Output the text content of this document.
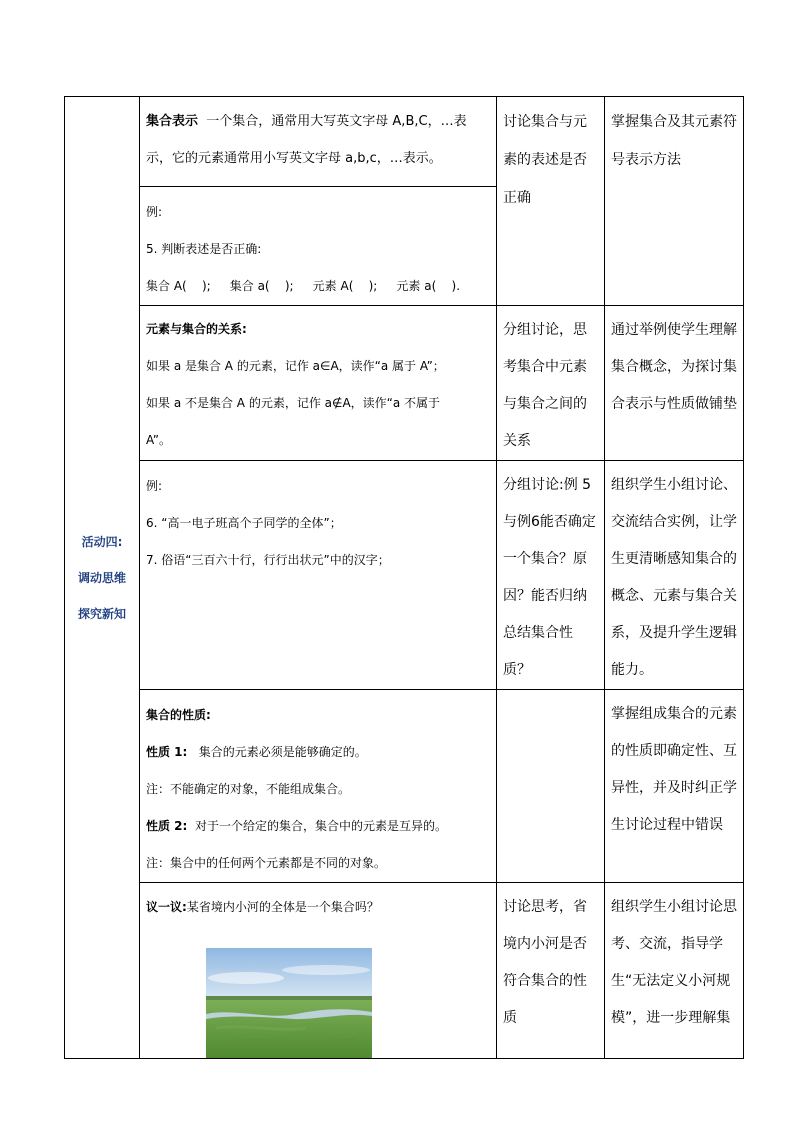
活动四:
调动思维
探究新知	集合表示 一个集合，通常用大写英文字母 A,B,C，…表
示，它的元素通常用小写英文字母 a,b,c，…表示。	讨论集合与元素的表述是否正确	掌握集合及其元素符号表示方法

	例:
5. 判断表述是否正确:
集合 A(    );     集合 a(    );     元素 A(    );     元素 a(    ).		

	元素与集合的关系:
如果 a 是集合 A 的元素，记作 a∈A，读作“a 属于 A”；
如果 a 不是集合 A 的元素，记作 a∉A，读作“a 不属于
A”。	分组讨论，思考集合中元素与集合之间的关系	通过举例使学生理解集合概念，为探讨集合表示与性质做铺垫

	例:
6. “高一电子班高个子同学的全体”；
7. 俗语“三百六十行，行行出状元”中的汉字；	分组讨论:例 5 与例6能否确定一个集合？原因？能否归纳总结集合性质？	组织学生小组讨论、交流结合实例，让学生更清晰感知集合的概念、元素与集合关系，及提升学生逻辑能力。

	集合的性质:
性质 1: 集合的元素必须是能够确定的。
注：不能确定的对象，不能组成集合。
性质 2: 对于一个给定的集合，集合中的元素是互异的。
注：集合中的任何两个元素都是不同的对象。		掌握组成集合的元素的性质即确定性、互异性，并及时纠正学生讨论过程中错误

	议一议:某省境内小河的全体是一个集合吗？	讨论思考，省境内小河是否符合集合的性质	组织学生小组讨论思考、交流，指导学生“无法定义小河规模”，进一步理解集
